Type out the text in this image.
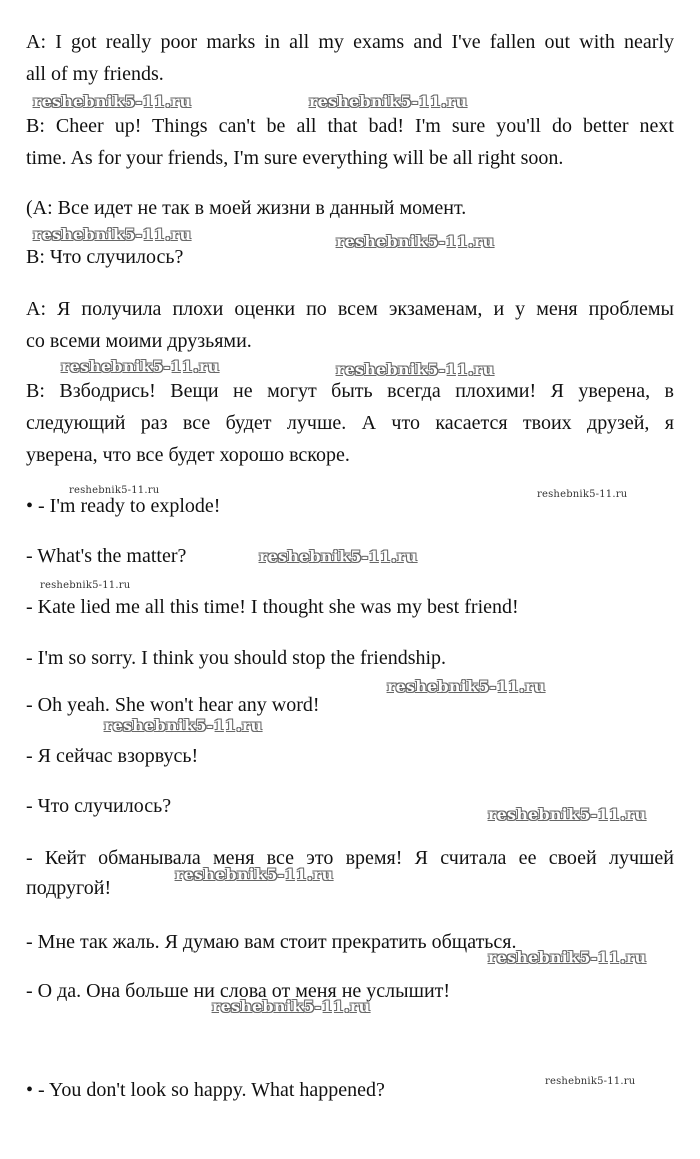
A: I got really poor marks in all my exams and I've fallen out with nearly
all of my friends.
B: Cheer up! Things can't be all that bad! I'm sure you'll do better next
time. As for your friends, I'm sure everything will be all right soon.
(A: Все идет не так в моей жизни в данный момент.
B: Что случилось?
A: Я получила плохи оценки по всем экзаменам, и у меня проблемы
со всеми моими друзьями.
B: Взбодрись! Вещи не могут быть всегда плохими! Я уверена, в
следующий раз все будет лучше. А что касается твоих друзей, я
уверена, что все будет хорошо вскоре.
• - I'm ready to explode!
- What's the matter?
- Kate lied me all this time! I thought she was my best friend!
- I'm so sorry. I think you should stop the friendship.
- Oh yeah. She won't hear any word!
- Я сейчас взорвусь!
- Что случилось?
- Кейт обманывала меня все это время! Я считала ее своей лучшей
подругой!
- Мне так жаль. Я думаю вам стоит прекратить общаться.
- О да. Она больше ни слова от меня не услышит!
• - You don't look so happy. What happened?
reshebnik5-11.ru	reshebnik5-11.ru
reshebnik5-11.ru	reshebnik5-11.ru
reshebnik5-11.ru	reshebnik5-11.ru
reshebnik5-11.ru	reshebnik5-11.ru
reshebnik5-11.ru
reshebnik5-11.ru
reshebnik5-11.ru
reshebnik5-11.ru
reshebnik5-11.ru
reshebnik5-11.ru
reshebnik5-11.ru
reshebnik5-11.ru
reshebnik5-11.ru
